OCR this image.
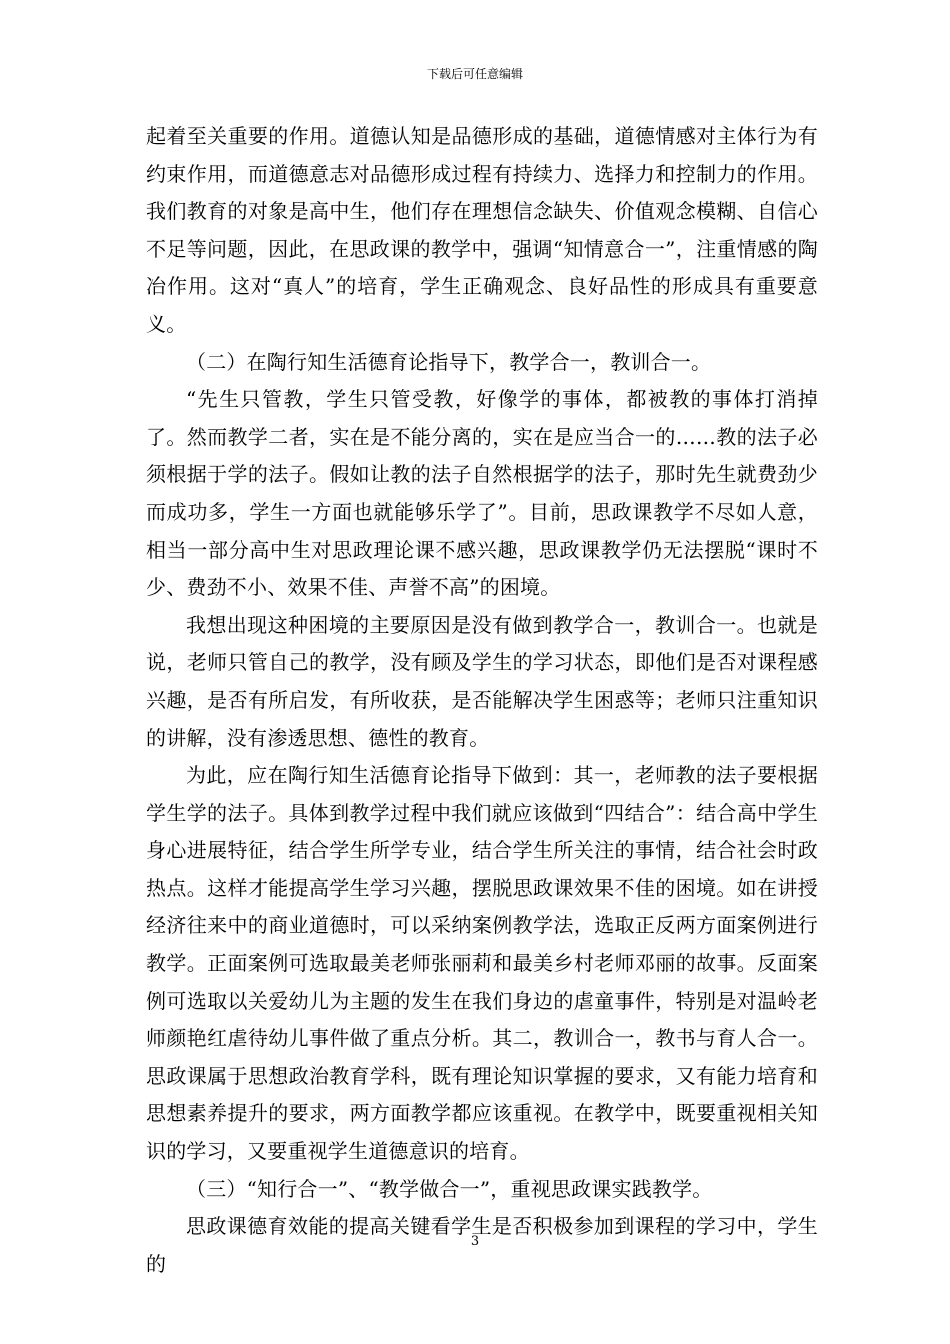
下载后可任意编辑

起着至关重要的作用。道德认知是品德形成的基础，道德情感对主体行为有约束作用，而道德意志对品德形成过程有持续力、选择力和控制力的作用。我们教育的对象是高中生，他们存在理想信念缺失、价值观念模糊、自信心不足等问题，因此，在思政课的教学中，强调“知情意合一”，注重情感的陶冶作用。这对“真人”的培育，学生正确观念、良好品性的形成具有重要意义。

（二）在陶行知生活德育论指导下，教学合一，教训合一。

“先生只管教，学生只管受教，好像学的事体，都被教的事体打消掉了。然而教学二者，实在是不能分离的，实在是应当合一的……教的法子必须根据于学的法子。假如让教的法子自然根据学的法子，那时先生就费劲少而成功多，学生一方面也就能够乐学了”。目前，思政课教学不尽如人意，相当一部分高中生对思政理论课不感兴趣，思政课教学仍无法摆脱“课时不少、费劲不小、效果不佳、声誉不高”的困境。

我想出现这种困境的主要原因是没有做到教学合一，教训合一。也就是说，老师只管自己的教学，没有顾及学生的学习状态，即他们是否对课程感兴趣，是否有所启发，有所收获，是否能解决学生困惑等；老师只注重知识的讲解，没有渗透思想、德性的教育。

为此，应在陶行知生活德育论指导下做到：其一，老师教的法子要根据学生学的法子。具体到教学过程中我们就应该做到“四结合”：结合高中学生身心进展特征，结合学生所学专业，结合学生所关注的事情，结合社会时政热点。这样才能提高学生学习兴趣，摆脱思政课效果不佳的困境。如在讲授经济往来中的商业道德时，可以采纳案例教学法，选取正反两方面案例进行教学。正面案例可选取最美老师张丽莉和最美乡村老师邓丽的故事。反面案例可选取以关爱幼儿为主题的发生在我们身边的虐童事件，特别是对温岭老师颜艳红虐待幼儿事件做了重点分析。其二，教训合一，教书与育人合一。思政课属于思想政治教育学科，既有理论知识掌握的要求，又有能力培育和思想素养提升的要求，两方面教学都应该重视。在教学中，既要重视相关知识的学习，又要重视学生道德意识的培育。

（三）“知行合一”、“教学做合一”，重视思政课实践教学。

思政课德育效能的提高关键看学生是否积极参加到课程的学习中，学生的

3
